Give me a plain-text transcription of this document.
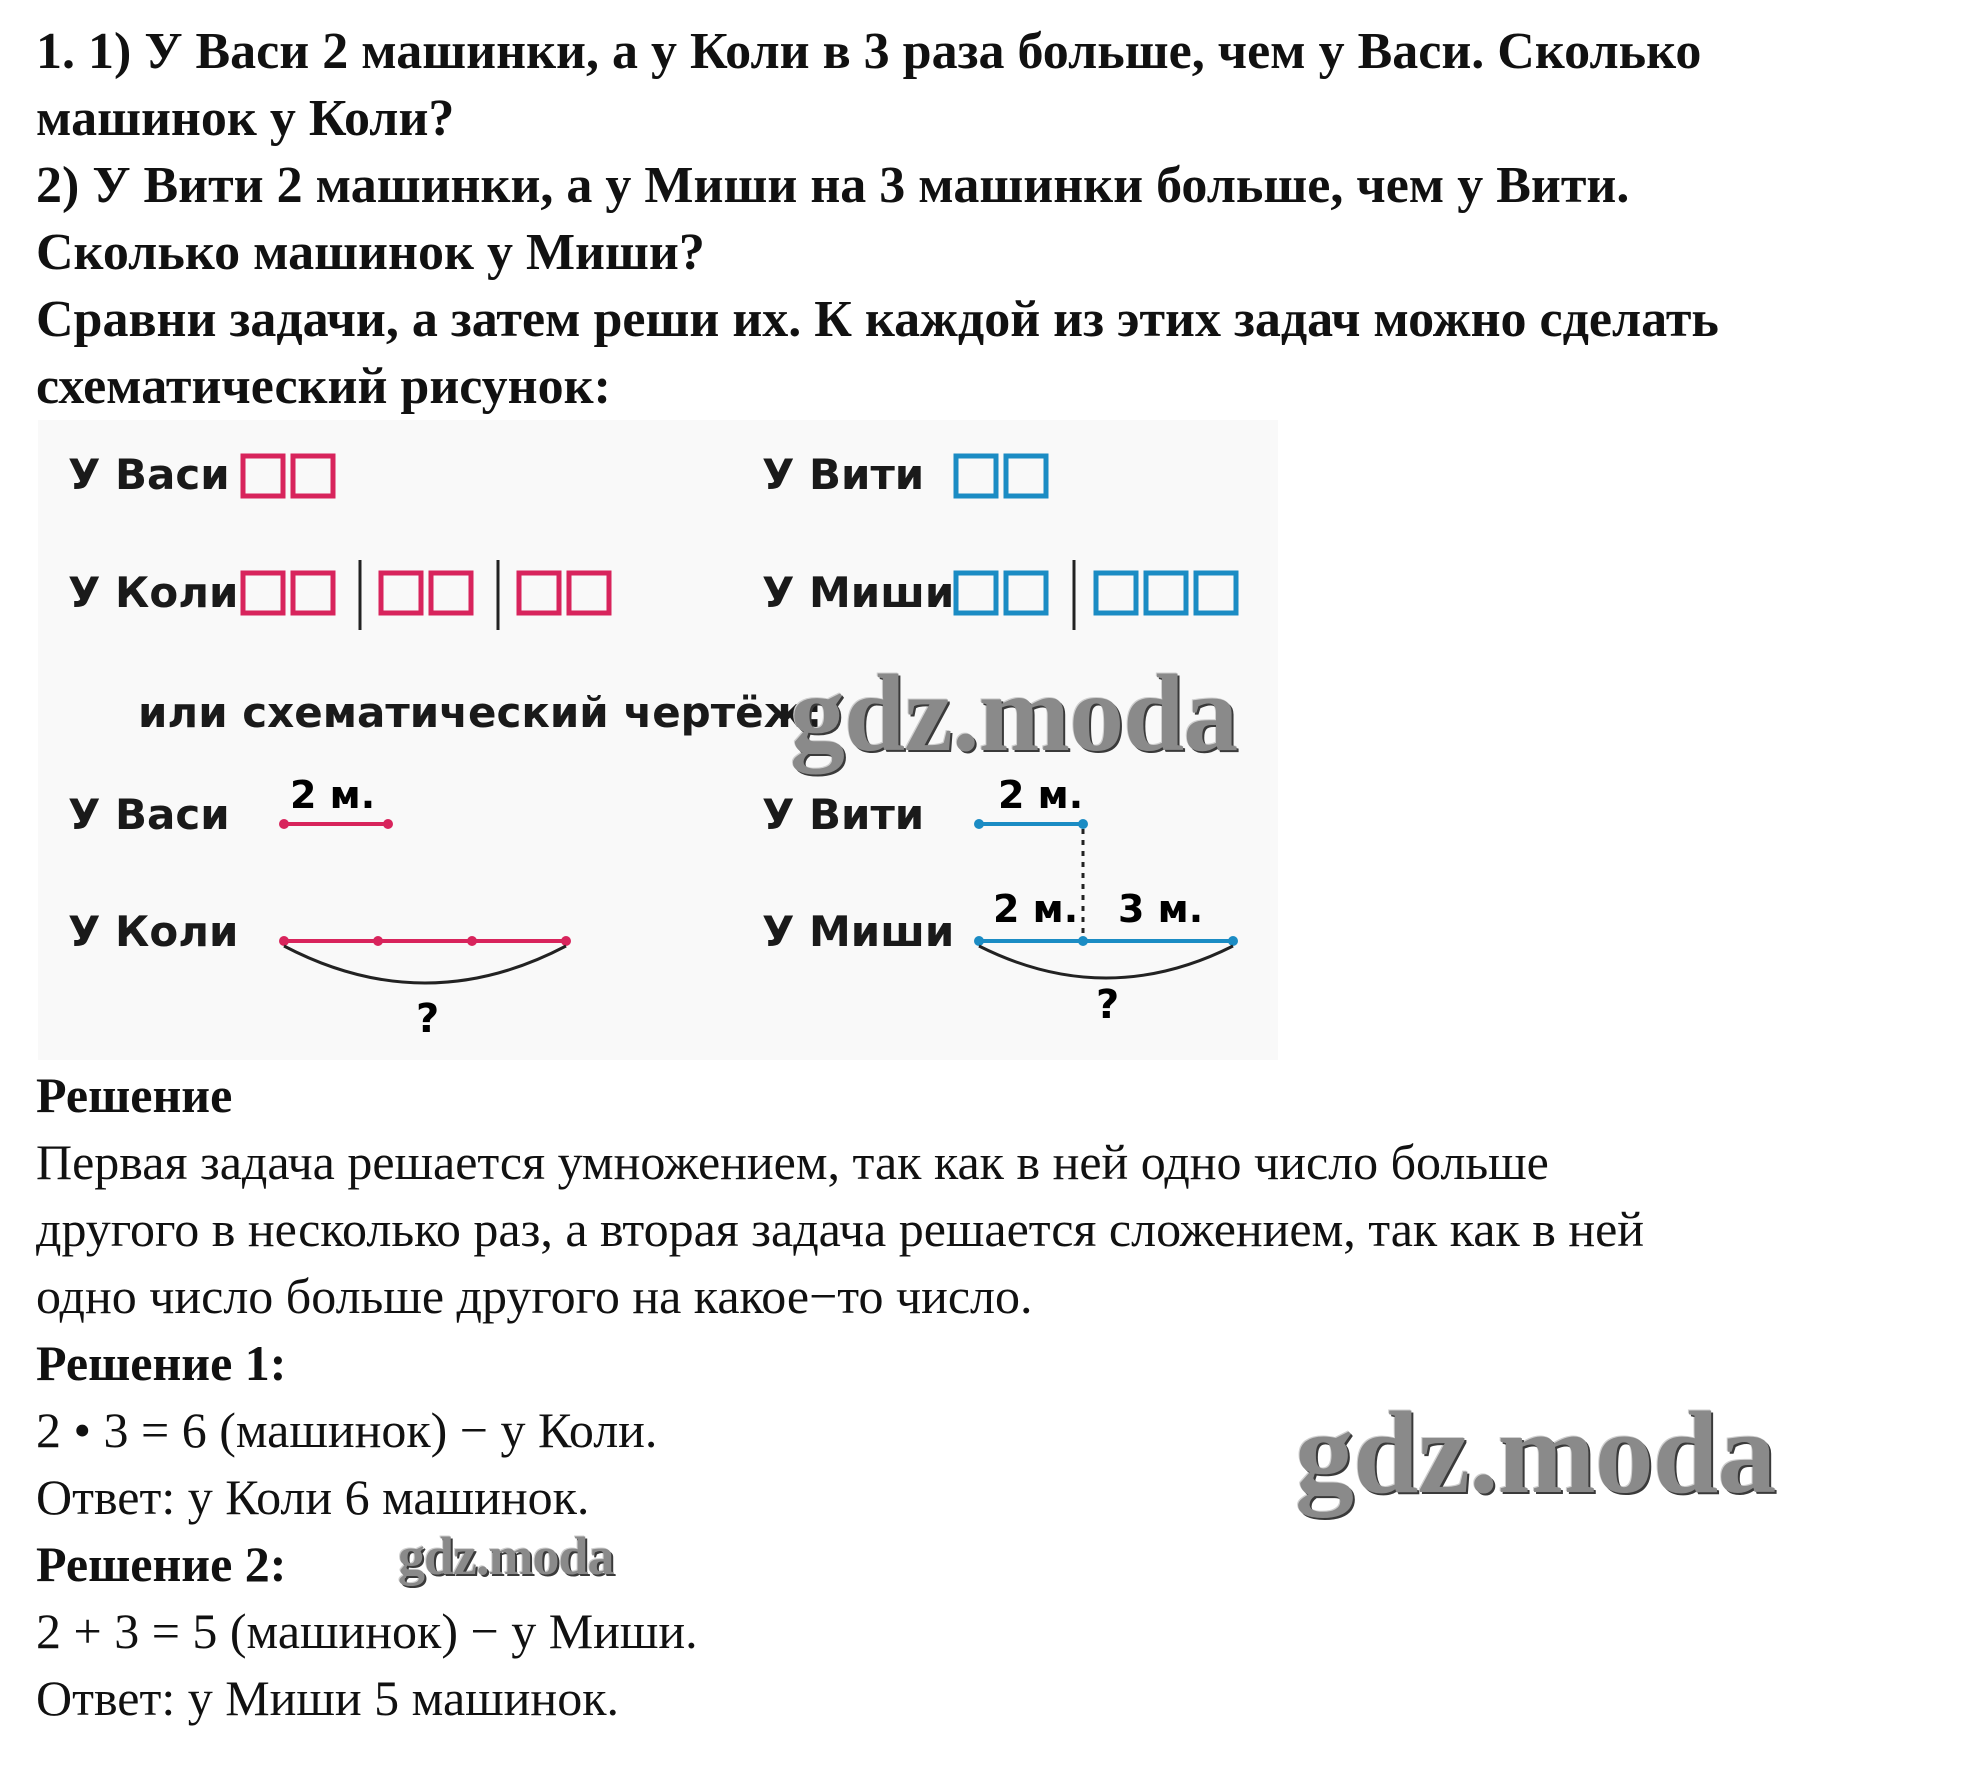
1. 1) У Васи 2 машинки, а у Коли в 3 раза больше, чем у Васи. Сколько
машинок у Коли?
2) У Вити 2 машинки, а у Миши на 3 машинки больше, чем у Вити.
Сколько машинок у Миши?
Сравни задачи, а затем реши их. К каждой из этих задач можно сделать
схематический рисунок:
У Васи
У Коли
У Вити
У Миши
или схематический чертёж:
У Васи
У Коли
У Вити
У Миши
2 м.
?
2 м.
2 м. 3 м.
?
Решение
Первая задача решается умножением, так как в ней одно число больше
другого в несколько раз, а вторая задача решается сложением, так как в ней
одно число больше другого на какое−то число.
Решение 1:
2 • 3 = 6 (машинок) − у Коли.
Ответ: у Коли 6 машинок.
Решение 2:
2 + 3 = 5 (машинок) − у Миши.
Ответ: у Миши 5 машинок.
gdz.moda
gdz.moda
gdz.moda
